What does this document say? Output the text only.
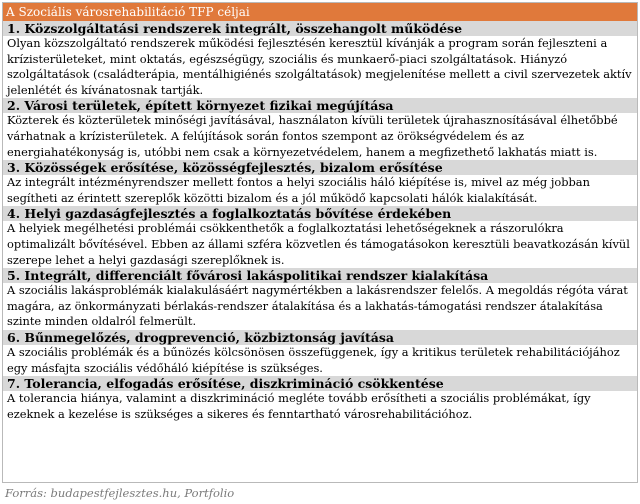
A Szociális városrehabilitáció TFP céljai
1. Közszolgáltatási rendszerek integrált, összehangolt működése
Olyan közszolgáltató rendszerek működési fejlesztésén keresztül kívánják a program során fejleszteni a krízisterületeket, mint oktatás, egészségügy, szociális és munkaerő-piaci szolgáltatások. Hiányzó szolgáltatások (családterápia, mentálhigiénés szolgáltatások) megjelenítése mellett a civil szervezetek aktív jelenlétét és kívánatosnak tartják.
2. Városi területek, épített környezet fizikai megújítása
Közterek és közterületek minőségi javításával, használaton kívüli területek újrahasznosításával élhetőbbé várhatnak a krízisterületek. A felújítások során fontos szempont az örökségvédelem és az energiahatékonyság is, utóbbi nem csak a környezetvédelem, hanem a megfizethető lakhatás miatt is.
3. Közösségek erősítése, közösségfejlesztés, bizalom erősítése
Az integrált intézményrendszer mellett fontos a helyi szociális háló kiépítése is, mivel az még jobban segítheti az érintett szereplők közötti bizalom és a jól működő kapcsolati hálók kialakítását.
4. Helyi gazdaságfejlesztés a foglalkoztatás bővítése érdekében
A helyiek megélhetési problémái csökkenthetők a foglalkoztatási lehetőségeknek a rászorulókra optimalizált bővítésével. Ebben az állami szféra közvetlen és támogatásokon keresztüli beavatkozásán kívül szerepe lehet a helyi gazdasági szereplőknek is.
5. Integrált, differenciált fővárosi lakáspolitikai rendszer kialakítása
A szociális lakásproblémák kialakulásáért nagymértékben a lakásrendszer felelős. A megoldás régóta várat magára, az önkormányzati bérlakás-rendszer átalakítása és a lakhatás-támogatási rendszer átalakítása szinte minden oldalról felmerült.
6. Bűnmegelőzés, drogprevenció, közbiztonság javítása
A szociális problémák és a bűnözés kölcsönösen összefüggenek, így a kritikus területek rehabilitációjához egy másfajta szociális védőháló kiépítése is szükséges.
7. Tolerancia, elfogadás erősítése, diszkrimináció csökkentése
A tolerancia hiánya, valamint a diszkrimináció megléte tovább erősítheti a szociális problémákat, így ezeknek a kezelése is szükséges a sikeres és fenntartható városrehabilitációhoz.
Forrás: budapestfejlesztes.hu, Portfolio
